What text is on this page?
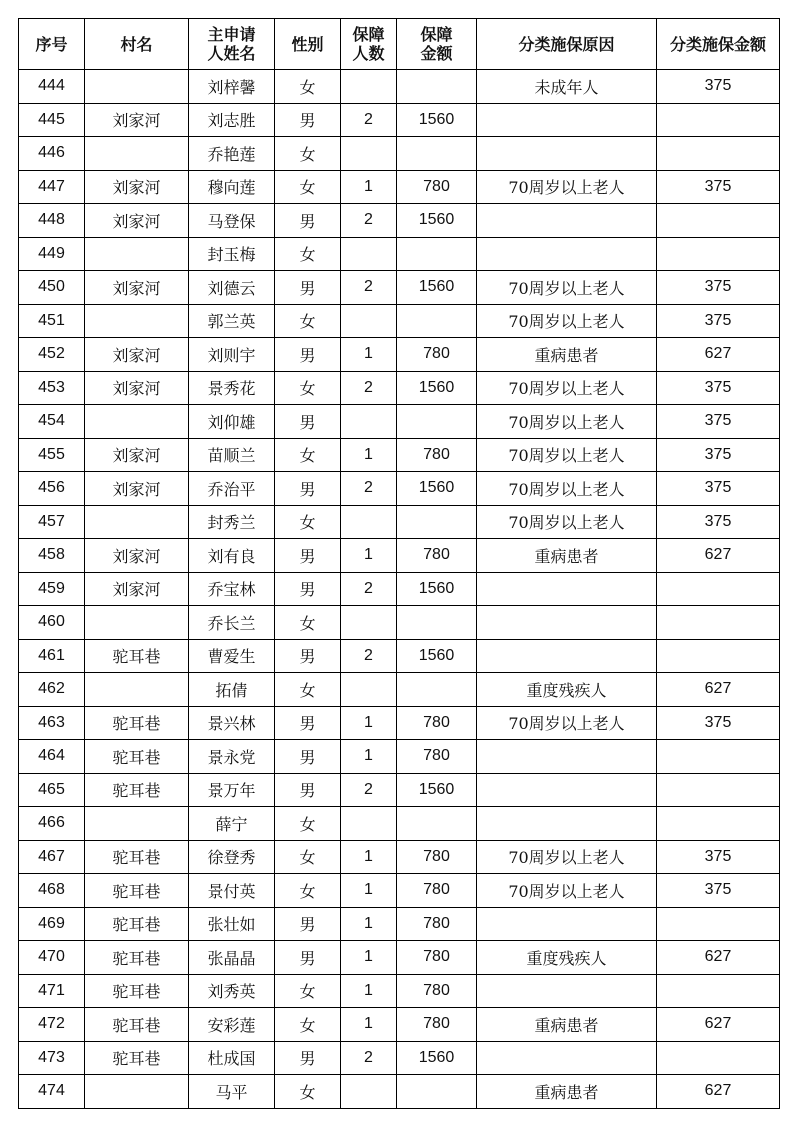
序号	村名	主申请人姓名	性别	保障人数	保障金额	分类施保原因	分类施保金额
444		刘梓馨	女			未成年人	375
445	刘家河	刘志胜	男	2	1560		
446		乔艳莲	女				
447	刘家河	穆向莲	女	1	780	70周岁以上老人	375
448	刘家河	马登保	男	2	1560		
449		封玉梅	女				
450	刘家河	刘德云	男	2	1560	70周岁以上老人	375
451		郭兰英	女			70周岁以上老人	375
452	刘家河	刘则宇	男	1	780	重病患者	627
453	刘家河	景秀花	女	2	1560	70周岁以上老人	375
454		刘仰雄	男			70周岁以上老人	375
455	刘家河	苗顺兰	女	1	780	70周岁以上老人	375
456	刘家河	乔治平	男	2	1560	70周岁以上老人	375
457		封秀兰	女			70周岁以上老人	375
458	刘家河	刘有良	男	1	780	重病患者	627
459	刘家河	乔宝林	男	2	1560		
460		乔长兰	女				
461	驼耳巷	曹爱生	男	2	1560		
462		拓倩	女			重度残疾人	627
463	驼耳巷	景兴林	男	1	780	70周岁以上老人	375
464	驼耳巷	景永党	男	1	780		
465	驼耳巷	景万年	男	2	1560		
466		薛宁	女				
467	驼耳巷	徐登秀	女	1	780	70周岁以上老人	375
468	驼耳巷	景付英	女	1	780	70周岁以上老人	375
469	驼耳巷	张壮如	男	1	780		
470	驼耳巷	张晶晶	男	1	780	重度残疾人	627
471	驼耳巷	刘秀英	女	1	780		
472	驼耳巷	安彩莲	女	1	780	重病患者	627
473	驼耳巷	杜成国	男	2	1560		
474		马平	女			重病患者	627
